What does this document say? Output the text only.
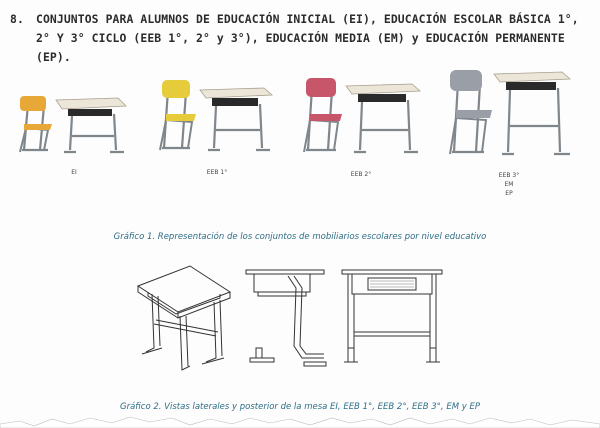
8. CONJUNTOS PARA ALUMNOS DE EDUCACIÓN INICIAL (EI), EDUCACIÓN ESCOLAR BÁSICA 1°, 2° Y 3° CICLO (EEB 1°, 2° y 3°), EDUCACIÓN MEDIA (EM) y EDUCACIÓN PERMANENTE (EP).
EI	EEB 1°	EEB 2°	EEB 3°
EM
EP
Gráfico 1. Representación de los conjuntos de mobiliarios escolares por nivel educativo
Gráfico 2. Vistas laterales y posterior de la mesa EI, EEB 1°, EEB 2°, EEB 3°, EM y EP
